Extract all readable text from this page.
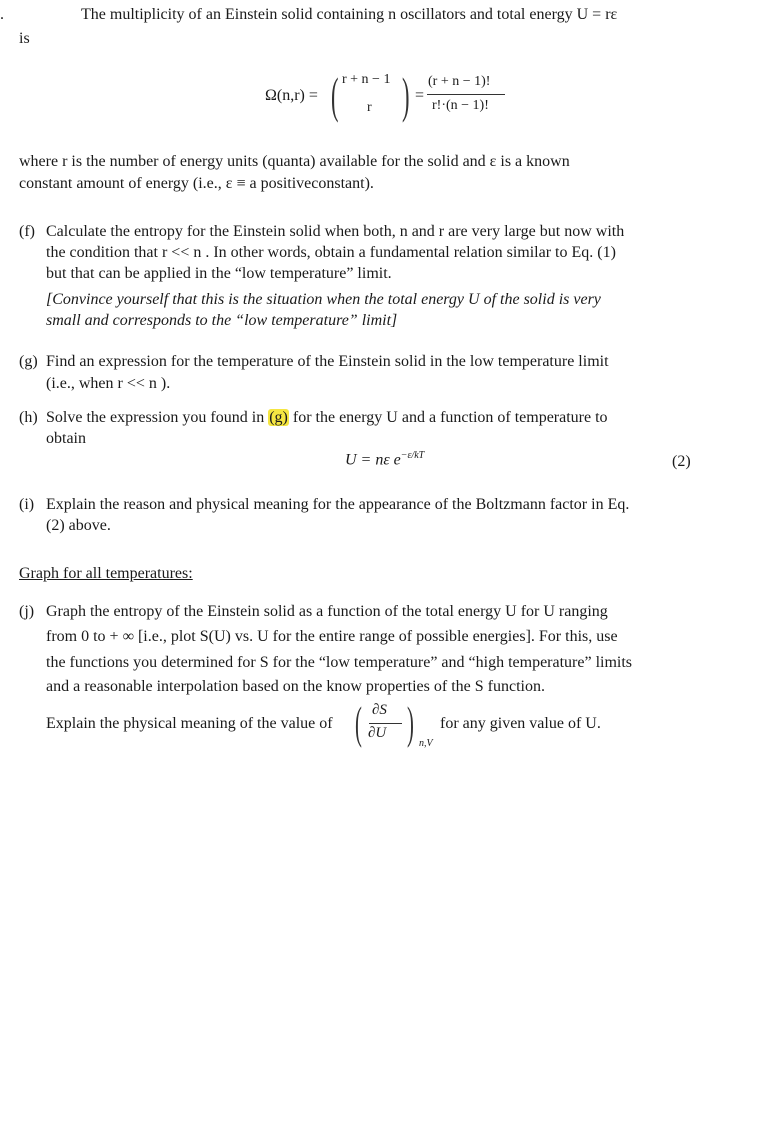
.	The multiplicity of an Einstein solid containing n oscillators and total energy U = rε
is
Ω(n,r) = ( r + n − 1
r ) =
(r + n − 1)!
r!·(n − 1)!
where r is the number of energy units (quanta) available for the solid and ε is a known
constant amount of energy (i.e., ε ≡ a positiveconstant).
(f) Calculate the entropy for the Einstein solid when both, n and r are very large but now with
the condition that r << n . In other words, obtain a fundamental relation similar to Eq. (1)
but that can be applied in the “low temperature” limit.
[Convince yourself that this is the situation when the total energy U of the solid is very
small and corresponds to the “low temperature” limit]
(g) Find an expression for the temperature of the Einstein solid in the low temperature limit
(i.e., when r << n ).
(h) Solve the expression you found in (g) for the energy U and a function of temperature to
obtain
U = nε $e^{-\varepsilon/kT}$	(2)
(i) Explain the reason and physical meaning for the appearance of the Boltzmann factor in Eq.
(2) above.
Graph for all temperatures:
(j) Graph the entropy of the Einstein solid as a function of the total energy U for U ranging
from 0 to + ∞ [i.e., plot S(U) vs. U for the entire range of possible energies]. For this, use
the functions you determined for S for the “low temperature” and “high temperature” limits
and a reasonable interpolation based on the know properties of the S function.
Explain the physical meaning of the value of ( ∂S
∂U ) n,V
for any given value of U.
